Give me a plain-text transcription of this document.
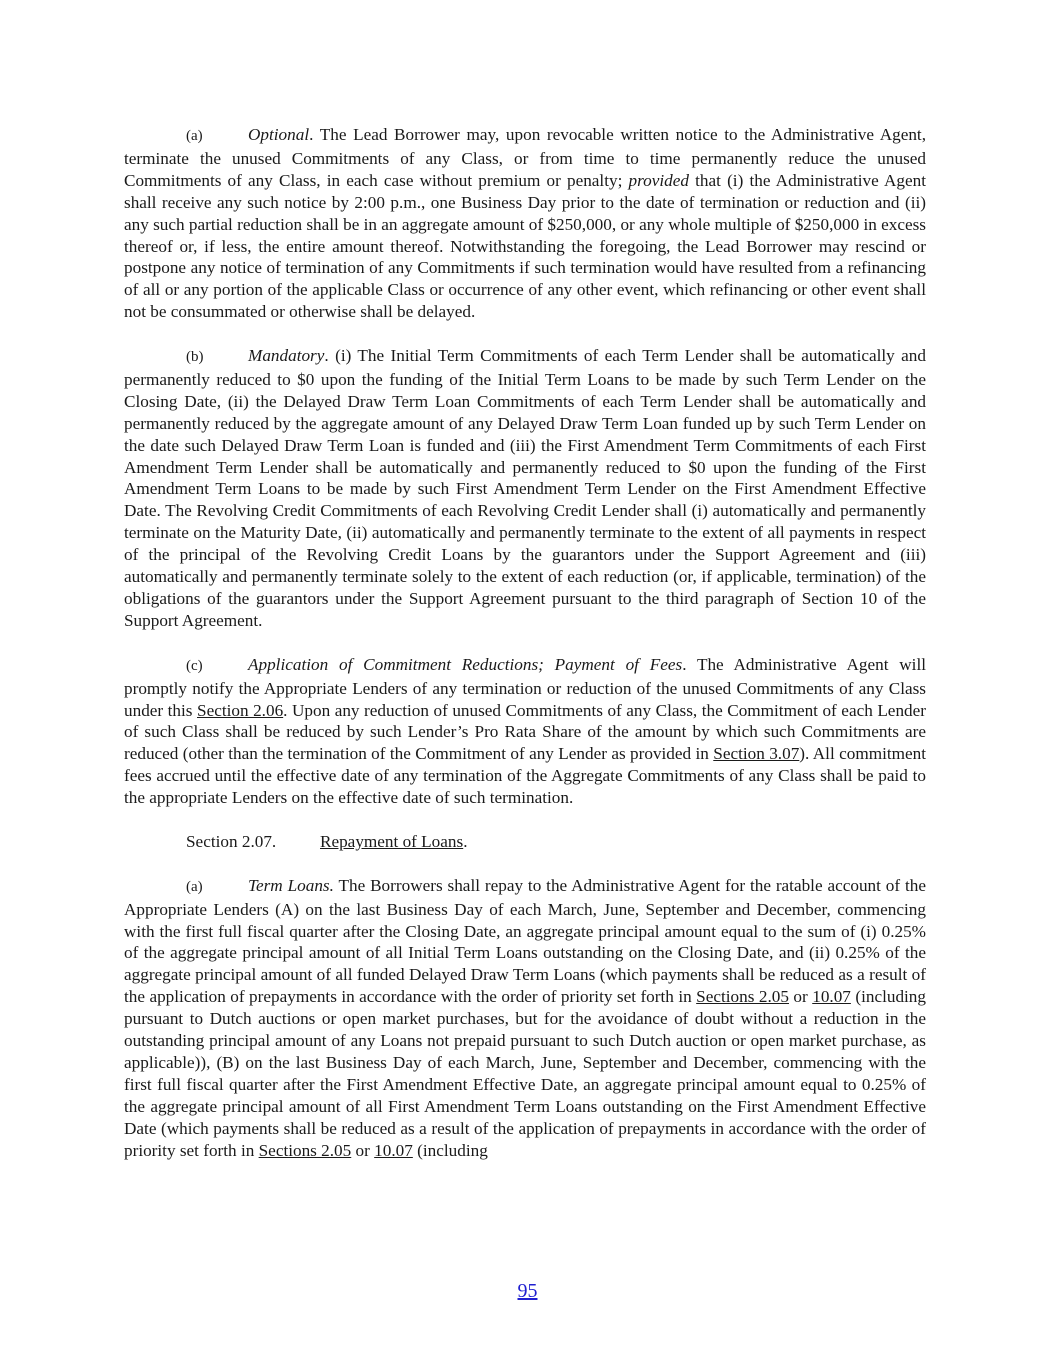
(a)	Optional. The Lead Borrower may, upon revocable written notice to the Administrative Agent, terminate the unused Commitments of any Class, or from time to time permanently reduce the unused Commitments of any Class, in each case without premium or penalty; provided that (i) the Administrative Agent shall receive any such notice by 2:00 p.m., one Business Day prior to the date of termination or reduction and (ii) any such partial reduction shall be in an aggregate amount of $250,000, or any whole multiple of $250,000 in excess thereof or, if less, the entire amount thereof. Notwithstanding the foregoing, the Lead Borrower may rescind or postpone any notice of termination of any Commitments if such termination would have resulted from a refinancing of all or any portion of the applicable Class or occurrence of any other event, which refinancing or other event shall not be consummated or otherwise shall be delayed.

(b)	Mandatory. (i) The Initial Term Commitments of each Term Lender shall be automatically and permanently reduced to $0 upon the funding of the Initial Term Loans to be made by such Term Lender on the Closing Date, (ii) the Delayed Draw Term Loan Commitments of each Term Lender shall be automatically and permanently reduced by the aggregate amount of any Delayed Draw Term Loan funded up by such Term Lender on the date such Delayed Draw Term Loan is funded and (iii) the First Amendment Term Commitments of each First Amendment Term Lender shall be automatically and permanently reduced to $0 upon the funding of the First Amendment Term Loans to be made by such First Amendment Term Lender on the First Amendment Effective Date. The Revolving Credit Commitments of each Revolving Credit Lender shall (i) automatically and permanently terminate on the Maturity Date, (ii) automatically and permanently terminate to the extent of all payments in respect of the principal of the Revolving Credit Loans by the guarantors under the Support Agreement and (iii) automatically and permanently terminate solely to the extent of each reduction (or, if applicable, termination) of the obligations of the guarantors under the Support Agreement pursuant to the third paragraph of Section 10 of the Support Agreement.

(c)	Application of Commitment Reductions; Payment of Fees. The Administrative Agent will promptly notify the Appropriate Lenders of any termination or reduction of the unused Commitments of any Class under this Section 2.06. Upon any reduction of unused Commitments of any Class, the Commitment of each Lender of such Class shall be reduced by such Lender’s Pro Rata Share of the amount by which such Commitments are reduced (other than the termination of the Commitment of any Lender as provided in Section 3.07). All commitment fees accrued until the effective date of any termination of the Aggregate Commitments of any Class shall be paid to the appropriate Lenders on the effective date of such termination.

Section 2.07.	Repayment of Loans.

(a)	Term Loans. The Borrowers shall repay to the Administrative Agent for the ratable account of the Appropriate Lenders (A) on the last Business Day of each March, June, September and December, commencing with the first full fiscal quarter after the Closing Date, an aggregate principal amount equal to the sum of (i) 0.25% of the aggregate principal amount of all Initial Term Loans outstanding on the Closing Date, and (ii) 0.25% of the aggregate principal amount of all funded Delayed Draw Term Loans (which payments shall be reduced as a result of the application of prepayments in accordance with the order of priority set forth in Sections 2.05 or 10.07 (including pursuant to Dutch auctions or open market purchases, but for the avoidance of doubt without a reduction in the outstanding principal amount of any Loans not prepaid pursuant to such Dutch auction or open market purchase, as applicable)), (B) on the last Business Day of each March, June, September and December, commencing with the first full fiscal quarter after the First Amendment Effective Date, an aggregate principal amount equal to 0.25% of the aggregate principal amount of all First Amendment Term Loans outstanding on the First Amendment Effective Date (which payments shall be reduced as a result of the application of prepayments in accordance with the order of priority set forth in Sections 2.05 or 10.07 (including

95
